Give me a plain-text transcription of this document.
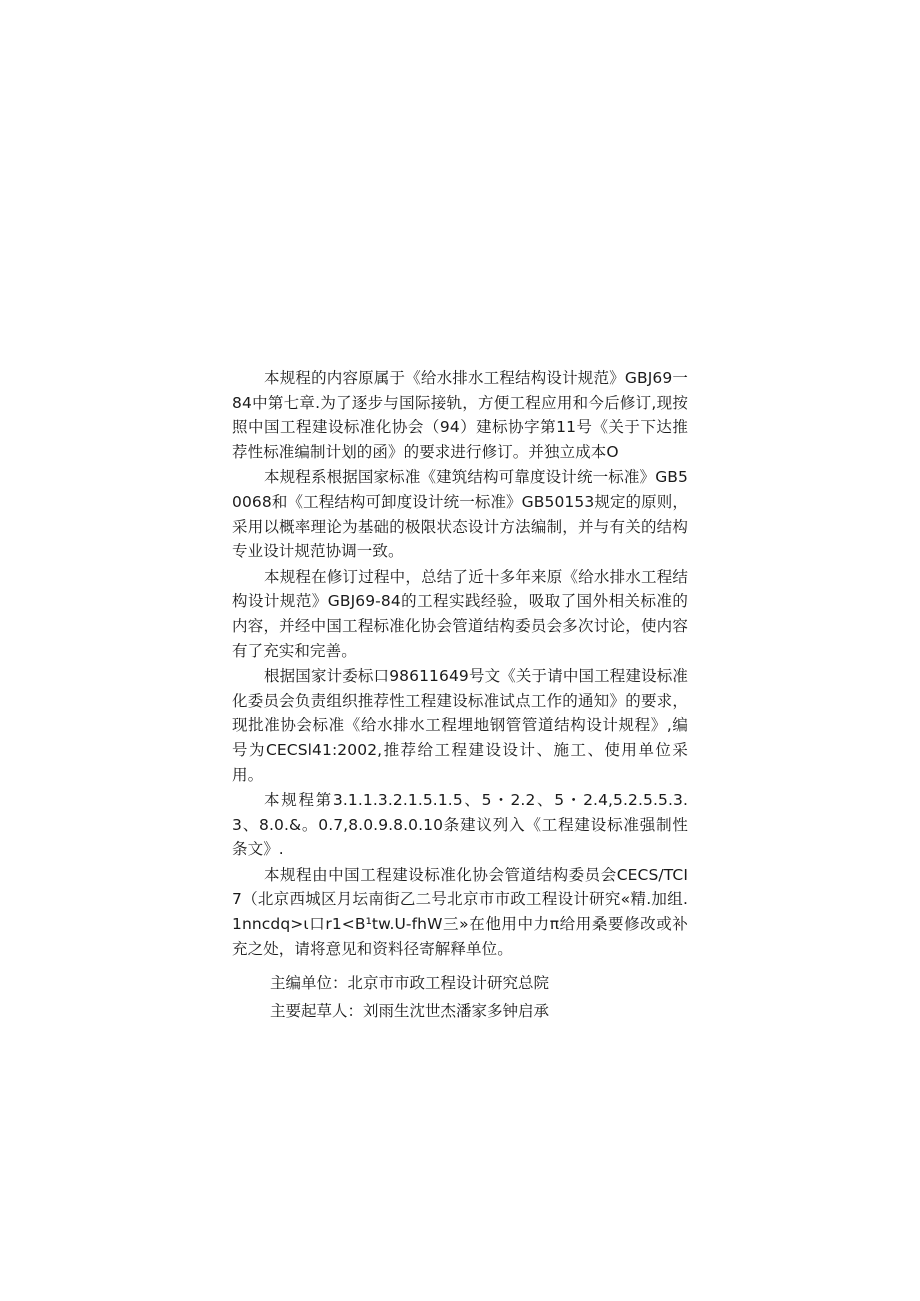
本规程的内容原属于《给水排水工程结构设计规范》GBJ69一84中第七章.为了逐步与国际接轨，方便工程应用和今后修订,现按照中国工程建设标准化协会（94）建标协字第11号《关于下达推荐性标准编制计划的函》的要求进行修订。并独立成本O

本规程系根据国家标准《建筑结构可靠度设计统一标准》GB50068和《工程结构可卸度设计统一标准》GB50153规定的原则，采用以概率理论为基础的极限状态设计方法编制，并与有关的结构专业设计规范协调一致。

本规程在修订过程中，总结了近十多年来原《给水排水工程结构设计规范》GBJ69-84的工程实践经验，吸取了国外相关标准的内容，并经中国工程标准化协会管道结构委员会多次讨论，使内容有了充实和完善。

根据国家计委标口98611649号文《关于请中国工程建设标准化委员会负责组织推荐性工程建设标准试点工作的通知》的要求，现批准协会标准《给水排水工程埋地钢管管道结构设计规程》,编号为CECSl41:2002,推荐给工程建设设计、施工、使用单位采用。

本规程第3.1.1.3.2.1.5.1.5、5・2.2、5・2.4,5.2.5.5.3.3、8.0.&。0.7,8.0.9.8.0.10条建议列入《工程建设标准强制性条文》.

本规程由中国工程建设标准化协会管道结构委员会CECS/TCI7（北京西城区月坛南街乙二号北京市市政工程设计研究«精.加组.1nncdq>ι口r1<B¹tw.U-fhW三»在他用中力π给用桑要修改或补充之处，请将意见和资料径寄解释单位。

主编单位：北京市市政工程设计研究总院

主要起草人：刘雨生沈世杰潘家多钟启承
